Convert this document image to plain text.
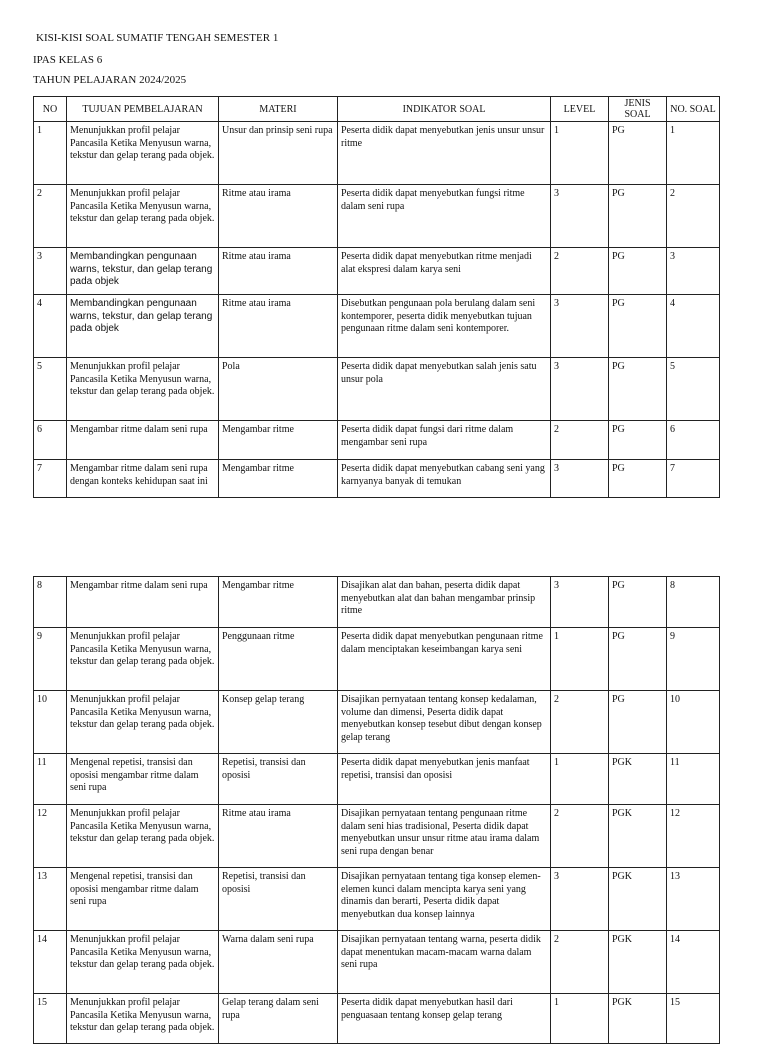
KISI-KISI SOAL SUMATIF TENGAH SEMESTER 1
IPAS KELAS 6
TAHUN PELAJARAN 2024/2025
NO	TUJUAN PEMBELAJARAN	MATERI	INDIKATOR SOAL	LEVEL	JENIS SOAL	NO. SOAL
1	Menunjukkan profil pelajar Pancasila Ketika Menyusun warna, tekstur dan gelap terang pada objek.	Unsur dan prinsip seni rupa	Peserta didik dapat menyebutkan jenis unsur unsur ritme	1	PG	1
2	Menunjukkan profil pelajar Pancasila Ketika Menyusun warna, tekstur dan gelap terang pada objek.	Ritme atau irama	Peserta didik dapat menyebutkan fungsi ritme dalam seni rupa	3	PG	2
3	Membandingkan pengunaan warns, tekstur, dan gelap terang pada objek	Ritme atau irama	Peserta didik dapat menyebutkan ritme menjadi alat ekspresi dalam karya seni	2	PG	3
4	Membandingkan pengunaan warns, tekstur, dan gelap terang pada objek	Ritme atau irama	Disebutkan pengunaan pola berulang dalam seni kontemporer, peserta didik menyebutkan tujuan pengunaan ritme dalam seni kontemporer.	3	PG	4
5	Menunjukkan profil pelajar Pancasila Ketika Menyusun warna, tekstur dan gelap terang pada objek.	Pola	Peserta didik dapat menyebutkan salah jenis satu unsur pola	3	PG	5
6	Mengambar ritme dalam seni rupa	Mengambar ritme	Peserta didik dapat fungsi dari ritme dalam mengambar seni rupa	2	PG	6
7	Mengambar ritme dalam seni rupa dengan konteks kehidupan saat ini	Mengambar ritme	Peserta didik dapat menyebutkan cabang seni yang karnyanya banyak di temukan	3	PG	7
8	Mengambar ritme dalam seni rupa	Mengambar ritme	Disajikan alat dan bahan, peserta didik dapat menyebutkan alat dan bahan mengambar prinsip ritme	3	PG	8
9	Menunjukkan profil pelajar Pancasila Ketika Menyusun warna, tekstur dan gelap terang pada objek.	Penggunaan ritme	Peserta didik dapat menyebutkan pengunaan ritme dalam menciptakan keseimbangan karya seni	1	PG	9
10	Menunjukkan profil pelajar Pancasila Ketika Menyusun warna, tekstur dan gelap terang pada objek.	Konsep gelap terang	Disajikan pernyataan tentang konsep kedalaman, volume dan dimensi, Peserta didik dapat menyebutkan konsep tesebut dibut dengan konsep gelap terang	2	PG	10
11	Mengenal repetisi, transisi dan oposisi mengambar ritme dalam seni rupa	Repetisi, transisi dan oposisi	Peserta didik dapat menyebutkan jenis manfaat repetisi, transisi dan oposisi	1	PGK	11
12	Menunjukkan profil pelajar Pancasila Ketika Menyusun warna, tekstur dan gelap terang pada objek.	Ritme atau irama	Disajikan pernyataan tentang pengunaan ritme dalam seni hias tradisional, Peserta didik dapat menyebutkan unsur unsur ritme atau irama dalam seni rupa dengan benar	2	PGK	12
13	Mengenal repetisi, transisi dan oposisi mengambar ritme dalam seni rupa	Repetisi, transisi dan oposisi	Disajikan pernyataan tentang tiga konsep elemen-elemen kunci dalam mencipta karya seni yang dinamis dan berarti, Peserta didik dapat menyebutkan dua konsep lainnya	3	PGK	13
14	Menunjukkan profil pelajar Pancasila Ketika Menyusun warna, tekstur dan gelap terang pada objek.	Warna dalam seni rupa	Disajikan pernyataan tentang warna, peserta didik dapat menentukan macam-macam warna dalam seni rupa	2	PGK	14
15	Menunjukkan profil pelajar Pancasila Ketika Menyusun warna, tekstur dan gelap terang pada objek.	Gelap terang dalam seni rupa	Peserta didik dapat menyebutkan hasil dari penguasaan tentang konsep gelap terang	1	PGK	15
